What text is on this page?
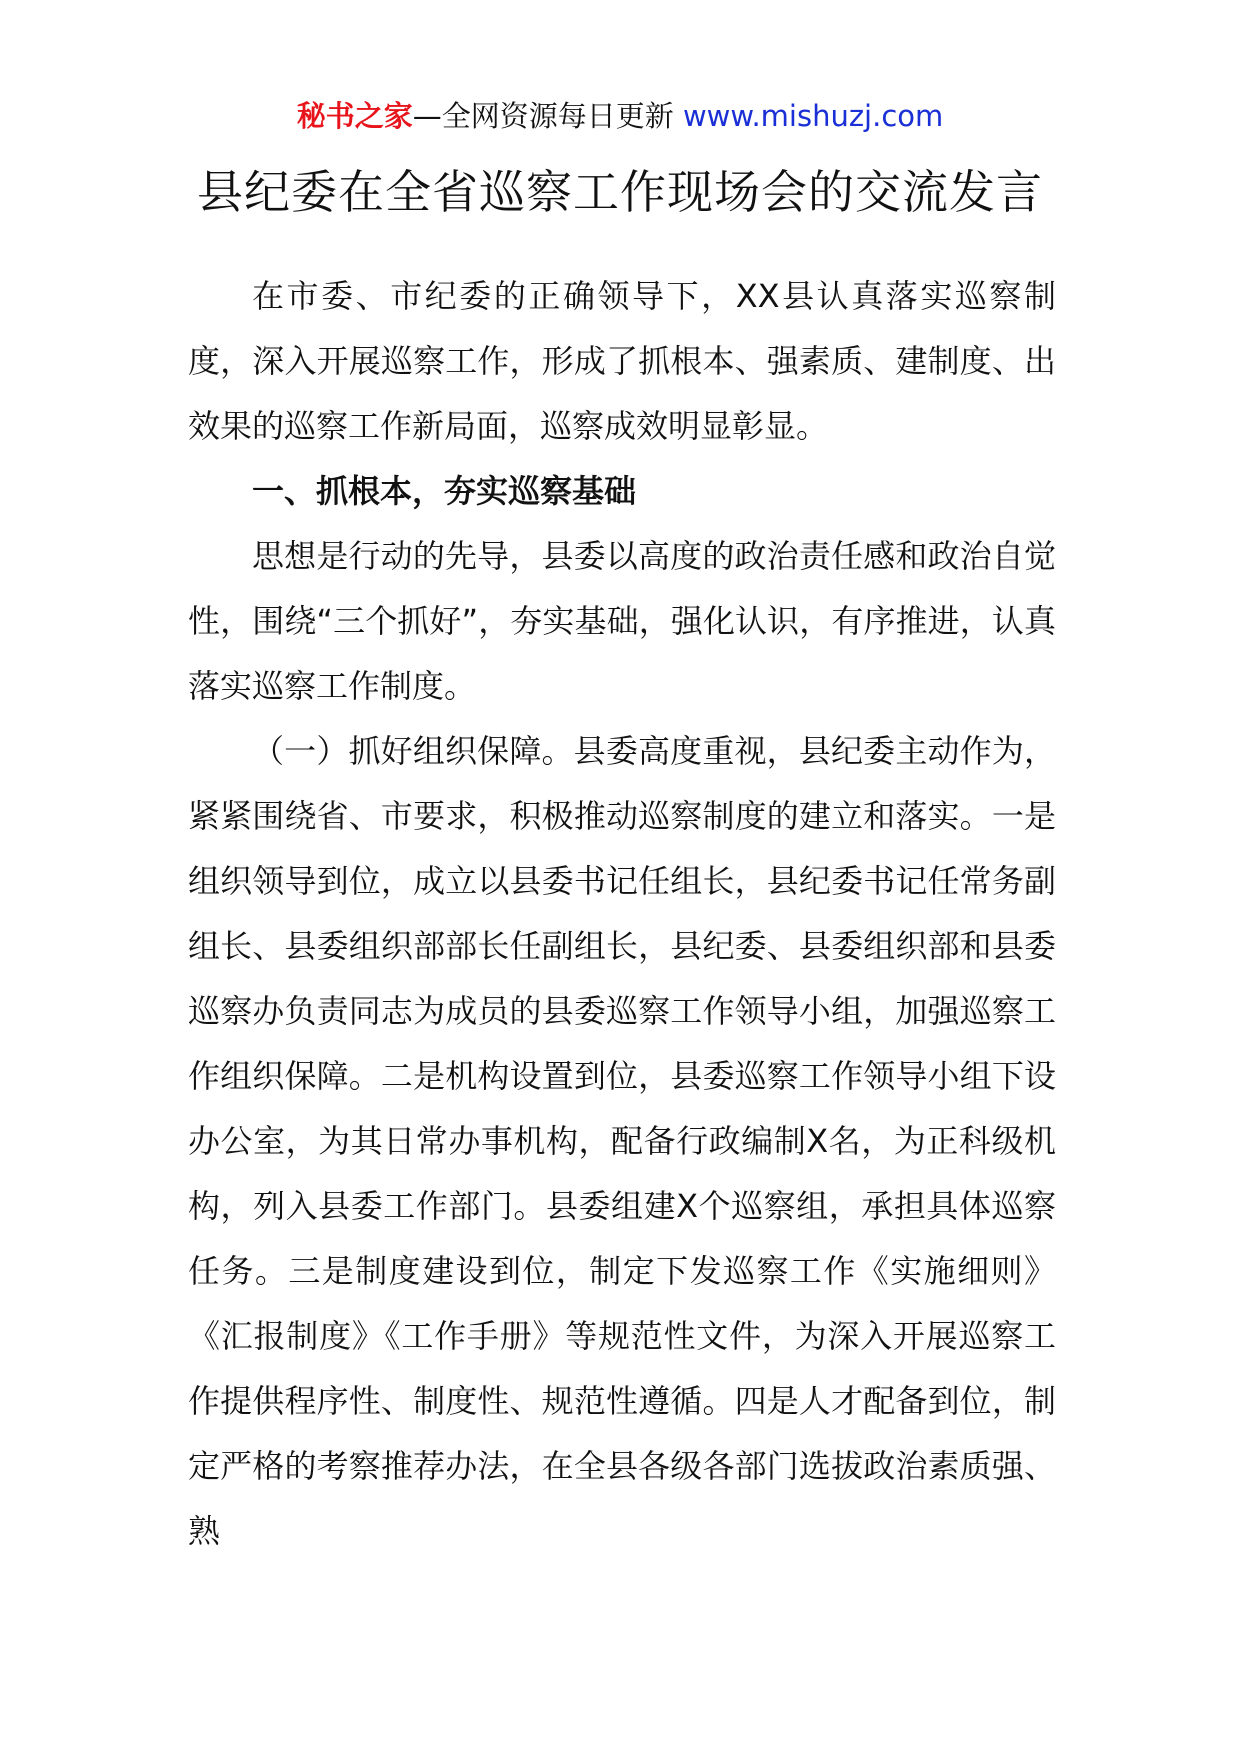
秘书之家—全网资源每日更新 www.mishuzj.com
县纪委在全省巡察工作现场会的交流发言

在市委、市纪委的正确领导下，XX县认真落实巡察制度，深入开展巡察工作，形成了抓根本、强素质、建制度、出效果的巡察工作新局面，巡察成效明显彰显。

一、抓根本，夯实巡察基础

思想是行动的先导，县委以高度的政治责任感和政治自觉性，围绕“三个抓好”，夯实基础，强化认识，有序推进，认真落实巡察工作制度。

（一）抓好组织保障。县委高度重视，县纪委主动作为，紧紧围绕省、市要求，积极推动巡察制度的建立和落实。一是组织领导到位，成立以县委书记任组长，县纪委书记任常务副组长、县委组织部部长任副组长，县纪委、县委组织部和县委巡察办负责同志为成员的县委巡察工作领导小组，加强巡察工作组织保障。二是机构设置到位，县委巡察工作领导小组下设办公室，为其日常办事机构，配备行政编制X名，为正科级机构，列入县委工作部门。县委组建X个巡察组，承担具体巡察任务。三是制度建设到位，制定下发巡察工作《实施细则》《汇报制度》《工作手册》等规范性文件，为深入开展巡察工作提供程序性、制度性、规范性遵循。四是人才配备到位，制定严格的考察推荐办法，在全县各级各部门选拔政治素质强、熟
